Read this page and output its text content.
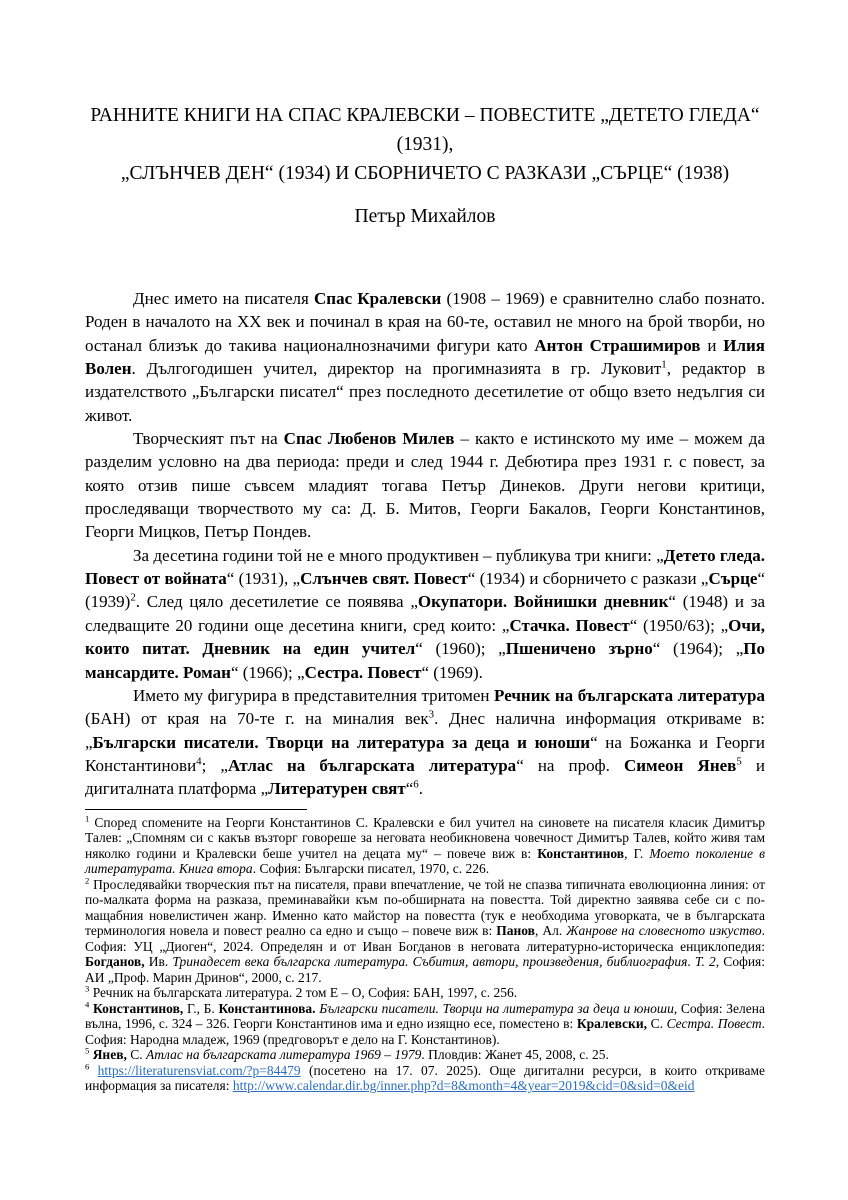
РАННИТЕ КНИГИ НА СПАС КРАЛЕВСКИ – ПОВЕСТИТЕ „ДЕТЕТО ГЛЕДА“ (1931),
„СЛЪНЧЕВ ДЕН“ (1934) И СБОРНИЧЕТО С РАЗКАЗИ „СЪРЦЕ“ (1938)
Петър Михайлов

Днес името на писателя Спас Кралевски (1908 – 1969) е сравнително слабо познато. Роден в началото на ХХ век и починал в края на 60-те, оставил не много на брой творби, но останал близък до такива националнозначими фигури като Антон Страшимиров и Илия Волен. Дългогодишен учител, директор на прогимназията в гр. Луковит$^1$, редактор в издателството „Български писател“ през последното десетилетие от общо взето недългия си живот.

Творческият път на Спас Любенов Милев – както е истинското му име – можем да разделим условно на два периода: преди и след 1944 г. Дебютира през 1931 г. с повест, за която отзив пише съвсем младият тогава Петър Динеков. Други негови критици, проследяващи творчеството му са: Д. Б. Митов, Георги Бакалов, Георги Константинов, Георги Мицков, Петър Пондев.

За десетина години той не е много продуктивен – публикува три книги: „Детето гледа. Повест от войната“ (1931), „Слънчев свят. Повест“ (1934) и сборничето с разкази „Сърце“ $(1939)^2$. След цяло десетилетие се появява „Окупатори. Войнишки дневник“ (1948) и за следващите 20 години още десетина книги, сред които: „Стачка. Повест“ (1950/63); „Очи, които питат. Дневник на един учител“ (1960); „Пшеничено зърно“ (1964); „По мансардите. Роман“ (1966); „Сестра. Повест“ (1969).

Името му фигурира в представителния тритомен Речник на българската литература (БАН) от края на 70-те г. на миналия век$^3$. Днес налична информация откриваме в: „Български писатели. Творци на литература за деца и юноши“ на Божанка и Георги Константинови$^4$; „Атлас на българската литература“ на проф. Симеон Янев$^5$ и дигиталната платформа „Литературен свят“$^6$.

$^1$ Според спомените на Георги Константинов С. Кралевски е бил учител на синовете на писателя класик Димитър Талев: „Спомням си с какъв възторг говореше за неговата необикновена човечност Димитър Талев, който живя там няколко години и Кралевски беше учител на децата му“ – повече виж в: Константинов, Г. Моето поколение в литературата. Книга втора. София: Български писател, 1970, с. 226.

$^2$ Проследявайки творческия път на писателя, прави впечатление, че той не спазва типичната еволюционна линия: от по-малката форма на разказа, преминавайки към по-обширната на повестта. Той директно заявява себе си с по-мащабния новелистичен жанр. Именно като майстор на повестта (тук е необходима уговорката, че в българската терминология новела и повест реално са едно и също – повече виж в: Панов, Ал. Жанрове на словесното изкуство. София: УЦ „Диоген“, 2024. Определян и от Иван Богданов в неговата литературно-историческа енциклопедия: Богданов, Ив. Тринадесет века българска литература. Събития, автори, произведения, библиография. Т. 2, София: АИ „Проф. Марин Дринов“, 2000, с. 217.

$^3$ Речник на българската литература. 2 том Е – О, София: БАН, 1997, с. 256.

$^4$ Константинов, Г., Б. Константинова. Български писатели. Творци на литература за деца и юноши, София: Зелена вълна, 1996, с. 324 – 326. Георги Константинов има и едно изящно есе, поместено в: Кралевски, С. Сестра. Повест. София: Народна младеж, 1969 (предговорът е дело на Г. Константинов).

$^5$ Янев, С. Атлас на българската литература 1969 – 1979. Пловдив: Жанет 45, 2008, с. 25.

$^6$ https://literaturensviat.com/?p=84479 (посетено на 17. 07. 2025). Още дигитални ресурси, в които откриваме информация за писателя: http://www.calendar.dir.bg/inner.php?d=8&month=4&year=2019&cid=0&sid=0&eid
